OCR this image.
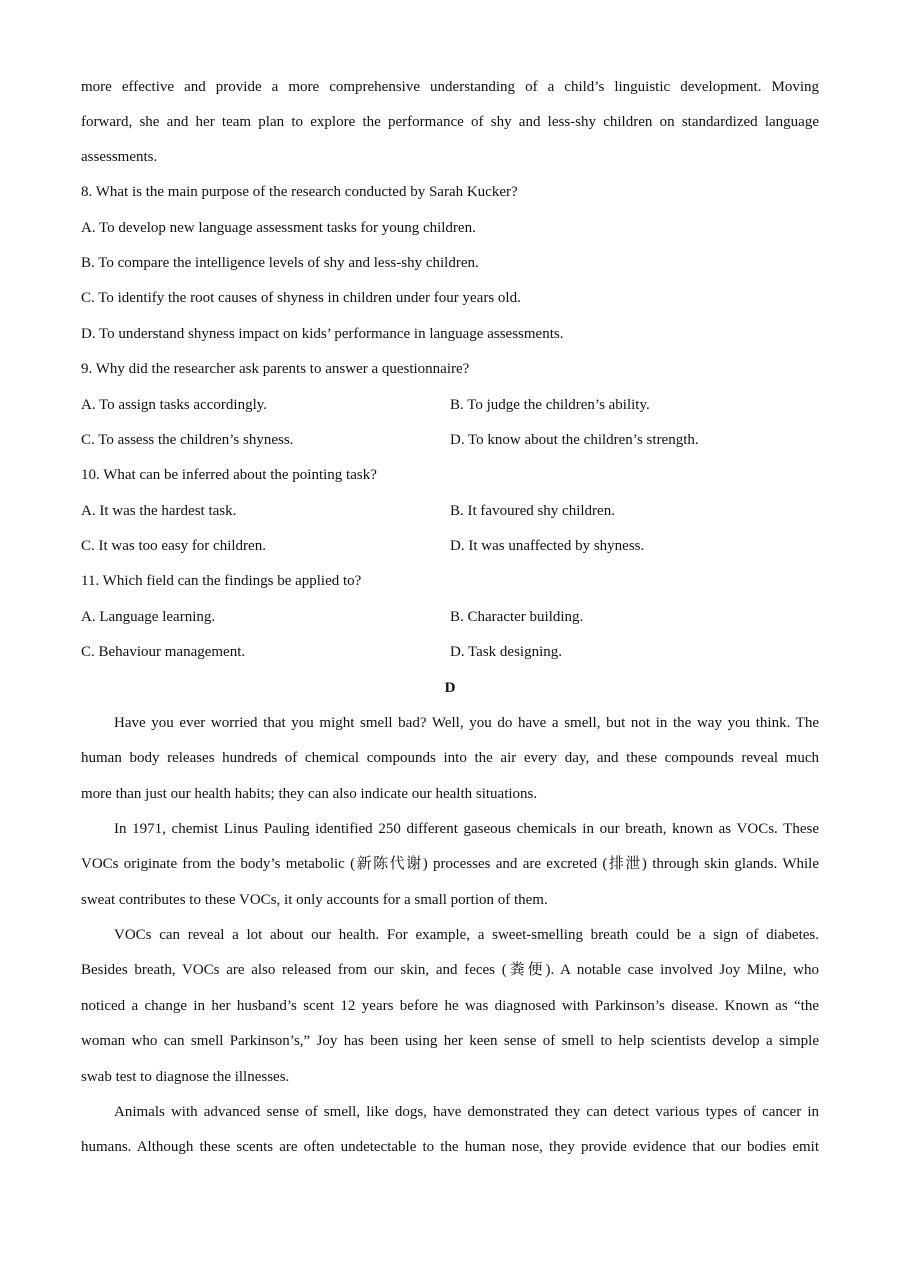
more effective and provide a more comprehensive understanding of a child’s linguistic development. Moving
forward, she and her team plan to explore the performance of shy and less-shy children on standardized language
assessments.
8. What is the main purpose of the research conducted by Sarah Kucker?
A. To develop new language assessment tasks for young children.
B. To compare the intelligence levels of shy and less-shy children.
C. To identify the root causes of shyness in children under four years old.
D. To understand shyness impact on kids’ performance in language assessments.
9. Why did the researcher ask parents to answer a questionnaire?
A. To assign tasks accordingly.	B. To judge the children’s ability.
C. To assess the children’s shyness.	D. To know about the children’s strength.
10. What can be inferred about the pointing task?
A. It was the hardest task.	B. It favoured shy children.
C. It was too easy for children.	D. It was unaffected by shyness.
11. Which field can the findings be applied to?
A. Language learning.	B. Character building.
C. Behaviour management.	D. Task designing.
D
Have you ever worried that you might smell bad? Well, you do have a smell, but not in the way you think. The
human body releases hundreds of chemical compounds into the air every day, and these compounds reveal much
more than just our health habits; they can also indicate our health situations.
In 1971, chemist Linus Pauling identified 250 different gaseous chemicals in our breath, known as VOCs. These
VOCs originate from the body’s metabolic (新陈代谢) processes and are excreted (排泄) through skin glands. While
sweat contributes to these VOCs, it only accounts for a small portion of them.
VOCs can reveal a lot about our health. For example, a sweet-smelling breath could be a sign of diabetes.
Besides breath, VOCs are also released from our skin, and feces (粪便). A notable case involved Joy Milne, who
noticed a change in her husband’s scent 12 years before he was diagnosed with Parkinson’s disease. Known as “the
woman who can smell Parkinson’s,” Joy has been using her keen sense of smell to help scientists develop a simple
swab test to diagnose the illnesses.
Animals with advanced sense of smell, like dogs, have demonstrated they can detect various types of cancer in
humans. Although these scents are often undetectable to the human nose, they provide evidence that our bodies emit
